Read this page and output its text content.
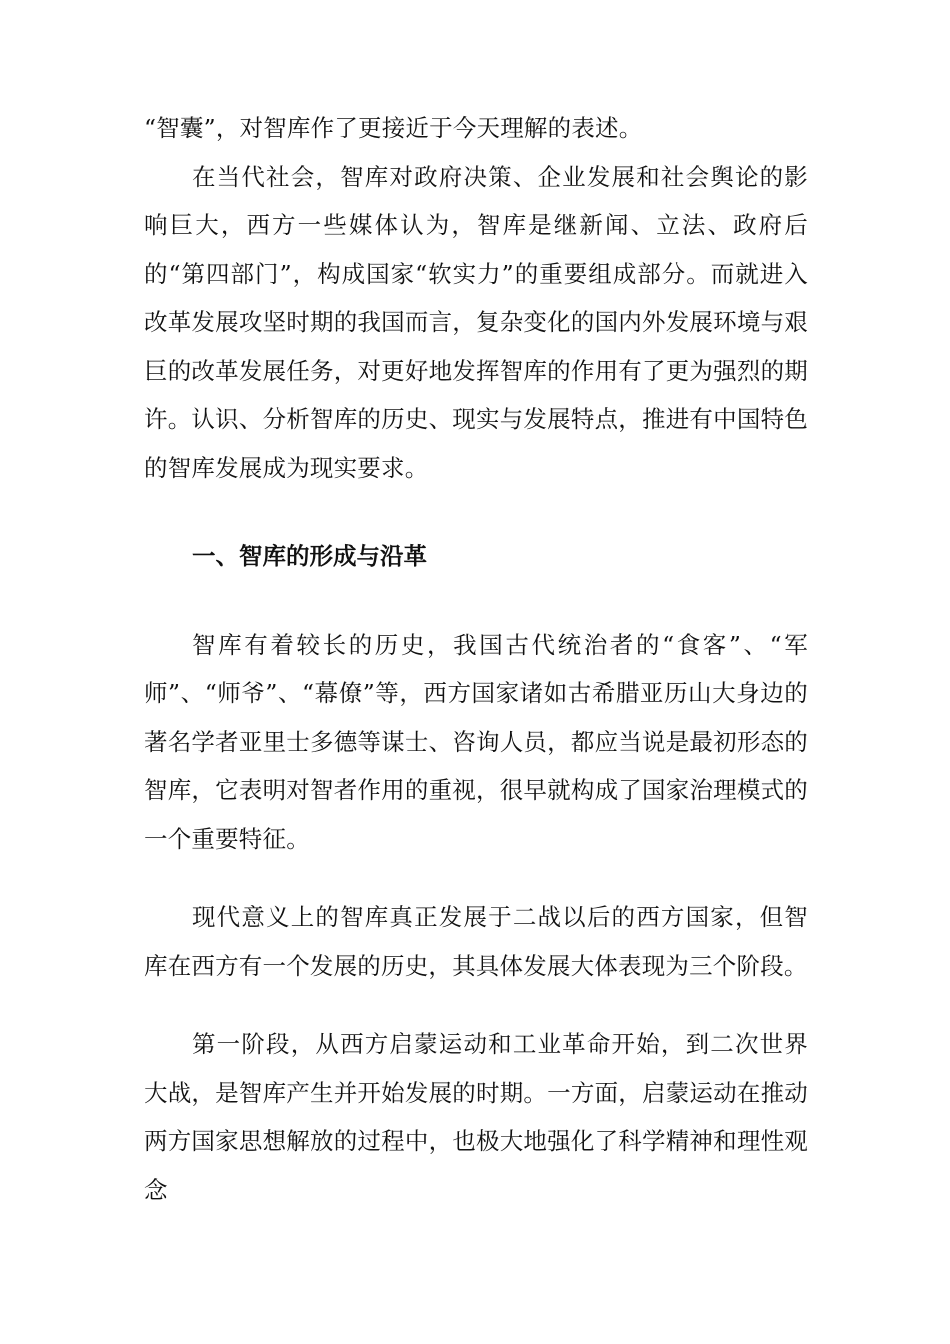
“智囊”，对智库作了更接近于今天理解的表述。

在当代社会，智库对政府决策、企业发展和社会舆论的影响巨大，西方一些媒体认为，智库是继新闻、立法、政府后的“第四部门”，构成国家“软实力”的重要组成部分。而就进入改革发展攻坚时期的我国而言，复杂变化的国内外发展环境与艰巨的改革发展任务，对更好地发挥智库的作用有了更为强烈的期许。认识、分析智库的历史、现实与发展特点，推进有中国特色的智库发展成为现实要求。

一、智库的形成与沿革

智库有着较长的历史，我国古代统治者的“食客”、“军师”、“师爷”、“幕僚”等，西方国家诸如古希腊亚历山大身边的著名学者亚里士多德等谋士、咨询人员，都应当说是最初形态的智库，它表明对智者作用的重视，很早就构成了国家治理模式的一个重要特征。

现代意义上的智库真正发展于二战以后的西方国家，但智库在西方有一个发展的历史，其具体发展大体表现为三个阶段。

第一阶段，从西方启蒙运动和工业革命开始，到二次世界大战，是智库产生并开始发展的时期。一方面，启蒙运动在推动两方国家思想解放的过程中，也极大地强化了科学精神和理性观念
